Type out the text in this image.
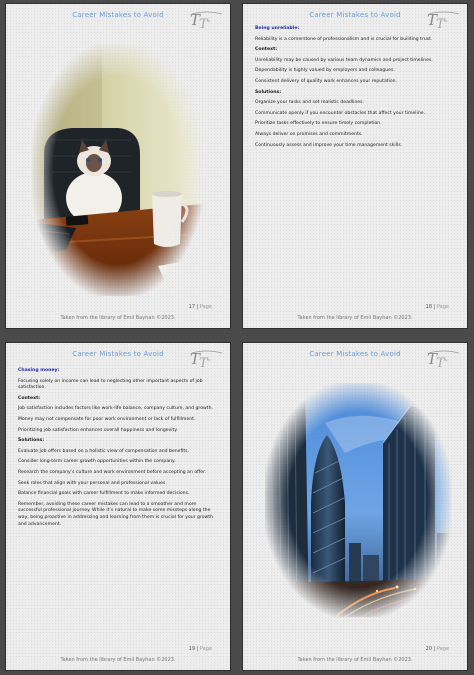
Career Mistakes to Avoid	T
T ttp
17 | Page
Taken from the library of Emil Bayhan ©2023.
Career Mistakes to Avoid	T
T ttp
Being unreliable:

Reliability is a cornerstone of professionalism and is crucial for building trust.

Context:

Unreliability may be caused by various team dynamics and project timelines.

Dependability is highly valued by employers and colleagues.

Consistent delivery of quality work enhances your reputation.

Solutions:

Organize your tasks and set realistic deadlines.

Communicate openly if you encounter obstacles that affect your timeline.

Prioritize tasks effectively to ensure timely completion.

Always deliver on promises and commitments.

Continuously assess and improve your time management skills.

18 | Page
Taken from the library of Emil Bayhan ©2023.
Career Mistakes to Avoid	T
T ttp
Chasing money:

Focusing solely on income can lead to neglecting other important aspects of job satisfaction.

Context:

Job satisfaction includes factors like work-life balance, company culture, and growth.

Money may not compensate for poor work environment or lack of fulfillment.

Prioritizing job satisfaction enhances overall happiness and longevity.

Solutions:

Evaluate job offers based on a holistic view of compensation and benefits.

Consider long-term career growth opportunities within the company.

Research the company’s culture and work environment before accepting an offer.

Seek roles that align with your personal and professional values.

Balance financial goals with career fulfillment to make informed decisions.

Remember, avoiding these career mistakes can lead to a smoother and more successful professional journey. While it’s natural to make some missteps along the way, being proactive in addressing and learning from them is crucial for your growth and advancement.

19 | Page
Taken from the library of Emil Bayhan ©2023.
Career Mistakes to Avoid	T
T ttp
20 | Page
Taken from the library of Emil Bayhan ©2023.
